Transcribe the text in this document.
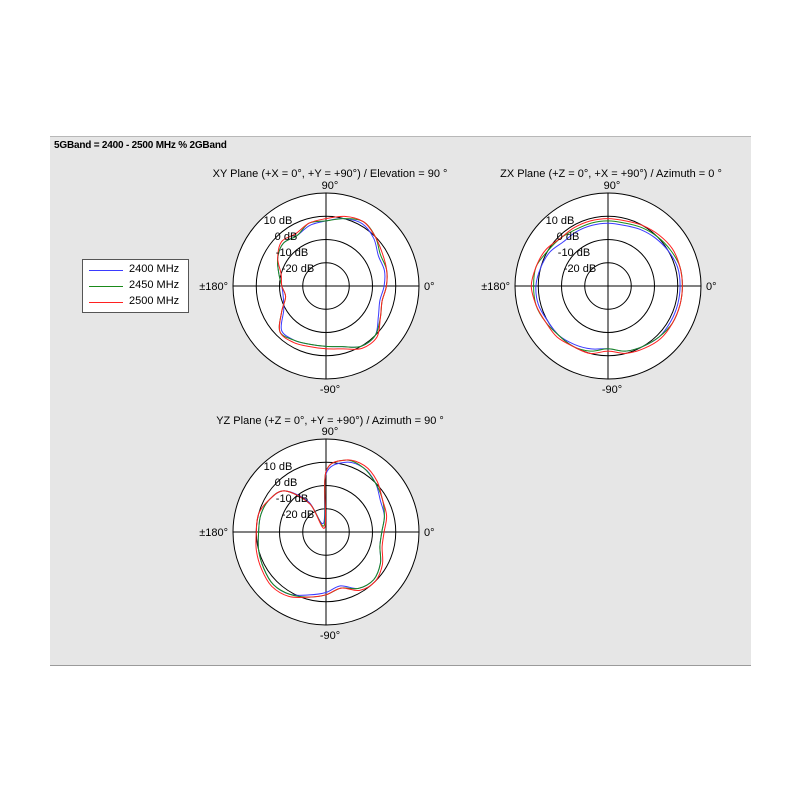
5GBand = 2400 - 2500 MHz % 2GBand
2400 MHz
2450 MHz
2500 MHz
XY Plane (+X = 0°, +Y = +90°) / Elevation = 90 °
0°
±180°
90°
-90°
10 dB
0 dB
-10 dB
-20 dB
ZX Plane (+Z = 0°, +X = +90°) / Azimuth = 0 °
0°
±180°
90°
-90°
10 dB
0 dB
-10 dB
-20 dB
YZ Plane (+Z = 0°, +Y = +90°) / Azimuth = 90 °
0°
±180°
90°
-90°
10 dB
0 dB
-10 dB
-20 dB
